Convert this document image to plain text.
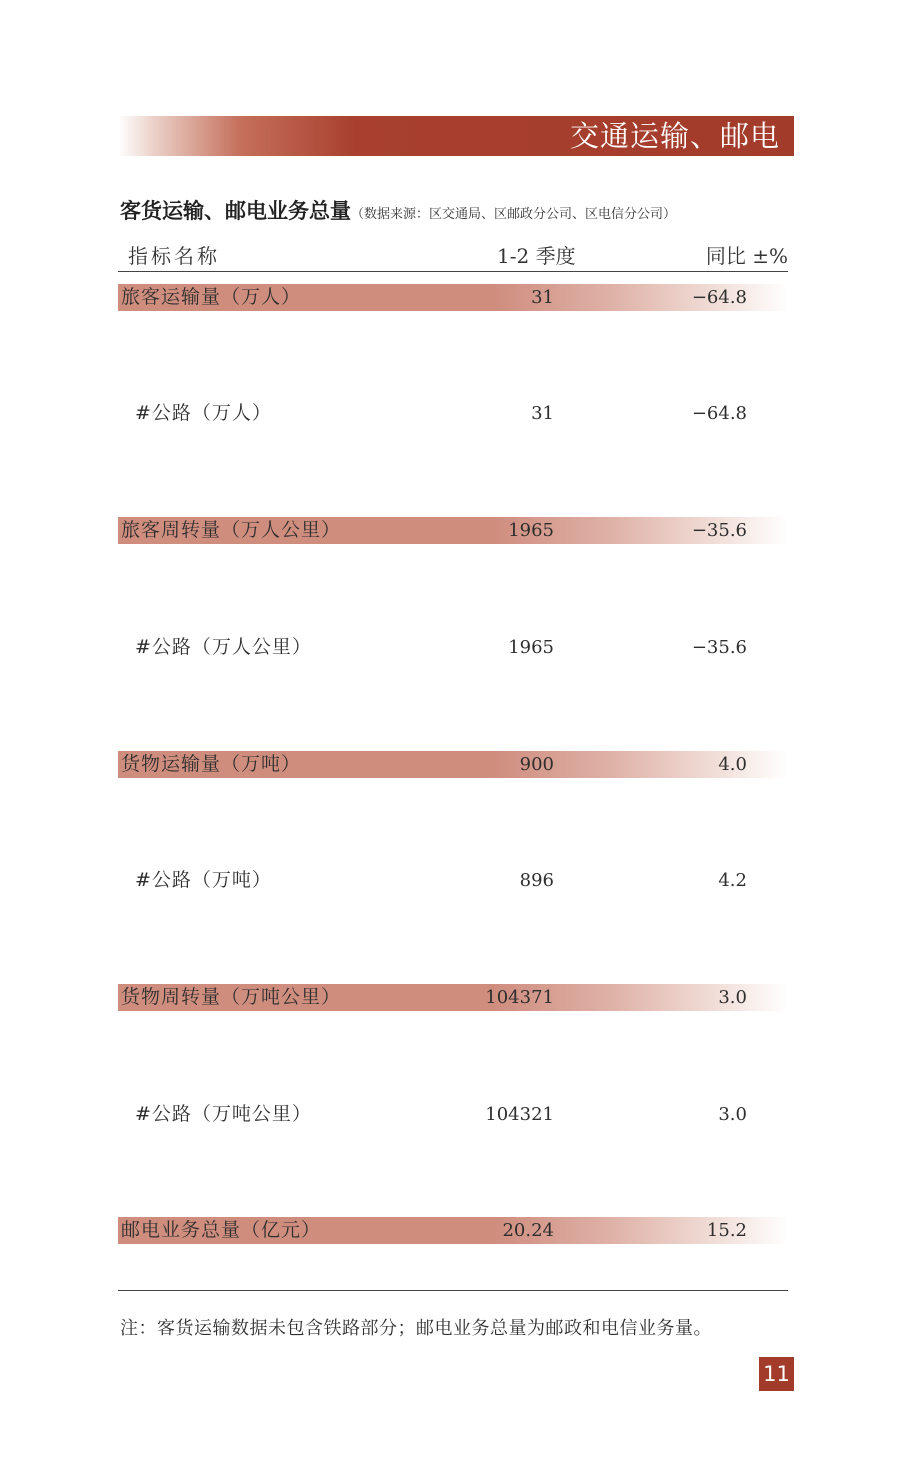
交通运输、邮电
客货运输、邮电业务总量（数据来源：区交通局、区邮政分公司、区电信分公司）
指标名称	1-2 季度	同比 ±%
旅客运输量（万人）	31	−64.8
#公路（万人）	31	−64.8
旅客周转量（万人公里）	1965	−35.6
#公路（万人公里）	1965	−35.6
货物运输量（万吨）	900	4.0
#公路（万吨）	896	4.2
货物周转量（万吨公里）	104371	3.0
#公路（万吨公里）	104321	3.0
邮电业务总量（亿元）	20.24	15.2
注：客货运输数据未包含铁路部分；邮电业务总量为邮政和电信业务量。
11
